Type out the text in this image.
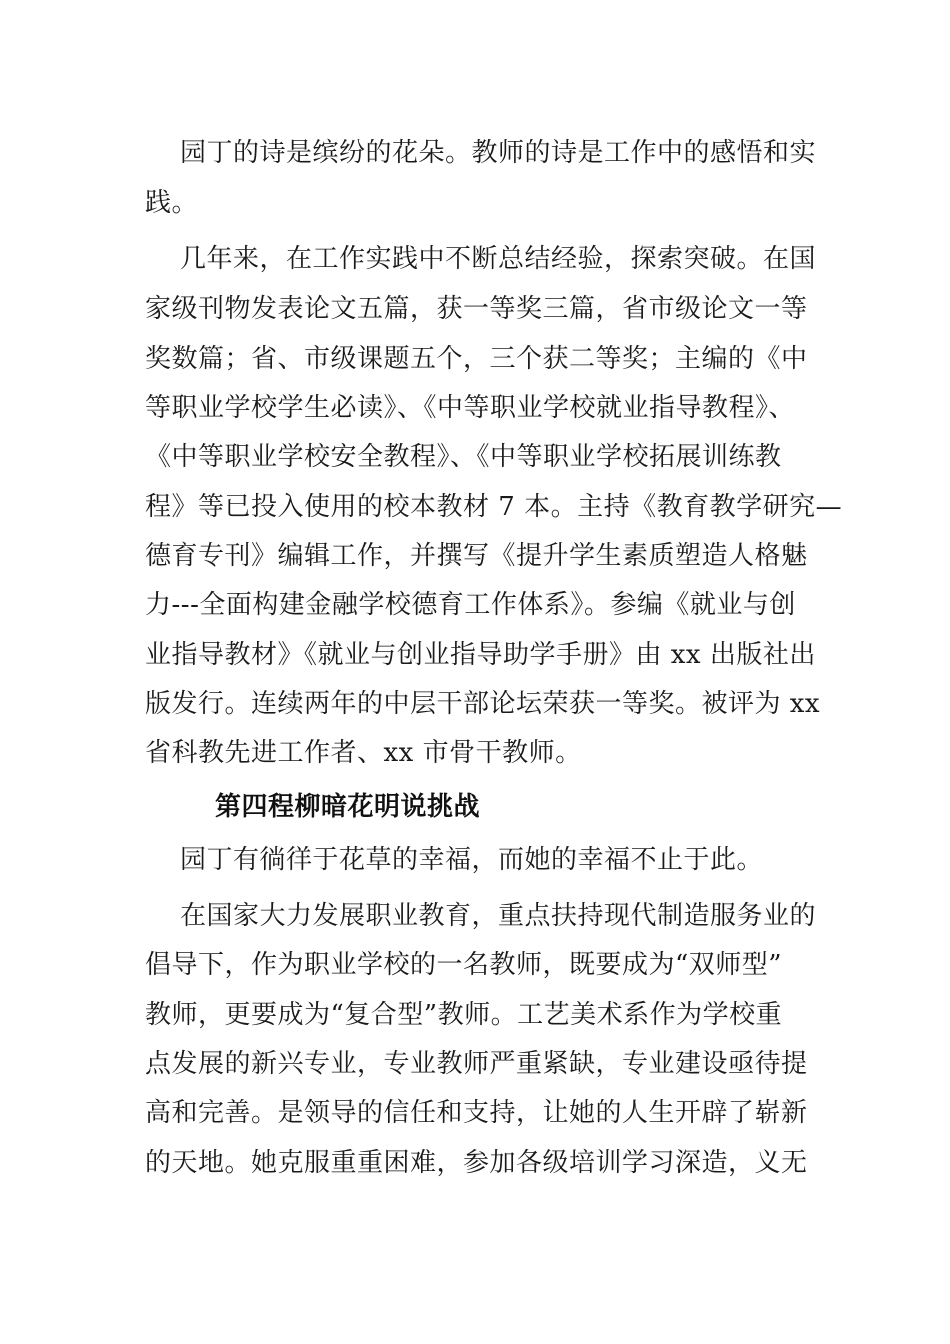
园丁的诗是缤纷的花朵。教师的诗是工作中的感悟和实
践。
几年来，在工作实践中不断总结经验，探索突破。在国
家级刊物发表论文五篇，获一等奖三篇，省市级论文一等
奖数篇；省、市级课题五个，三个获二等奖；主编的《中
等职业学校学生必读》、《中等职业学校就业指导教程》、
《中等职业学校安全教程》、《中等职业学校拓展训练教
程》等已投入使用的校本教材 7 本。主持《教育教学研究—
德育专刊》编辑工作，并撰写《提升学生素质塑造人格魅
力---全面构建金融学校德育工作体系》。参编《就业与创
业指导教材》《就业与创业指导助学手册》由 xx 出版社出
版发行。连续两年的中层干部论坛荣获一等奖。被评为 xx
省科教先进工作者、xx 市骨干教师。
第四程柳暗花明说挑战
园丁有徜徉于花草的幸福，而她的幸福不止于此。
在国家大力发展职业教育，重点扶持现代制造服务业的
倡导下，作为职业学校的一名教师，既要成为“双师型”
教师，更要成为“复合型”教师。工艺美术系作为学校重
点发展的新兴专业，专业教师严重紧缺，专业建设亟待提
高和完善。是领导的信任和支持，让她的人生开辟了崭新
的天地。她克服重重困难，参加各级培训学习深造，义无
